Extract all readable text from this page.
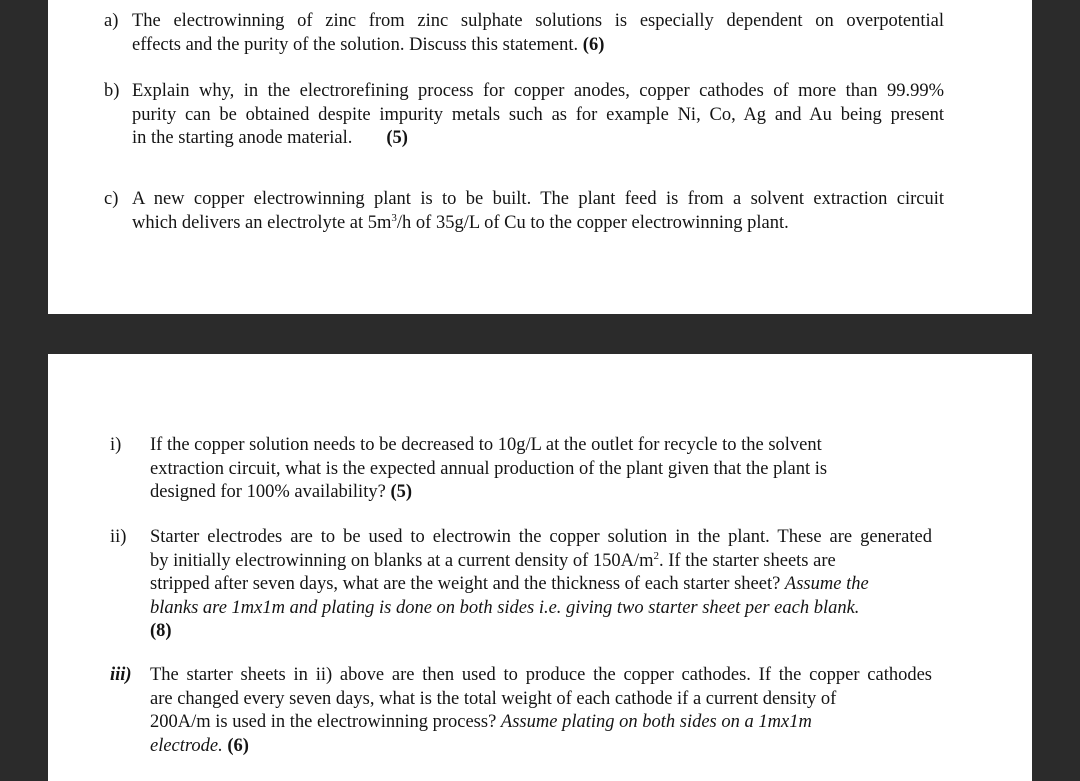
a) The electrowinning of zinc from zinc sulphate solutions is especially dependent on overpotential
effects and the purity of the solution. Discuss this statement. (6)
b) Explain why, in the electrorefining process for copper anodes, copper cathodes of more than 99.99%
purity can be obtained despite impurity metals such as for example Ni, Co, Ag and Au being present
in the starting anode material. (5)
c) A new copper electrowinning plant is to be built. The plant feed is from a solvent extraction circuit
which delivers an electrolyte at $5m^3/h$ of 35g/L of Cu to the copper electrowinning plant.
i) If the copper solution needs to be decreased to 10g/L at the outlet for recycle to the solvent
extraction circuit, what is the expected annual production of the plant given that the plant is
designed for 100% availability? (5)
ii) Starter electrodes are to be used to electrowin the copper solution in the plant. These are generated
by initially electrowinning on blanks at a current density of $150A/m^2$. If the starter sheets are
stripped after seven days, what are the weight and the thickness of each starter sheet? Assume the
blanks are 1mx1m and plating is done on both sides i.e. giving two starter sheet per each blank.
(8)
iii) The starter sheets in ii) above are then used to produce the copper cathodes. If the copper cathodes
are changed every seven days, what is the total weight of each cathode if a current density of
200A/m is used in the electrowinning process? Assume plating on both sides on a 1mx1m
electrode. (6)
